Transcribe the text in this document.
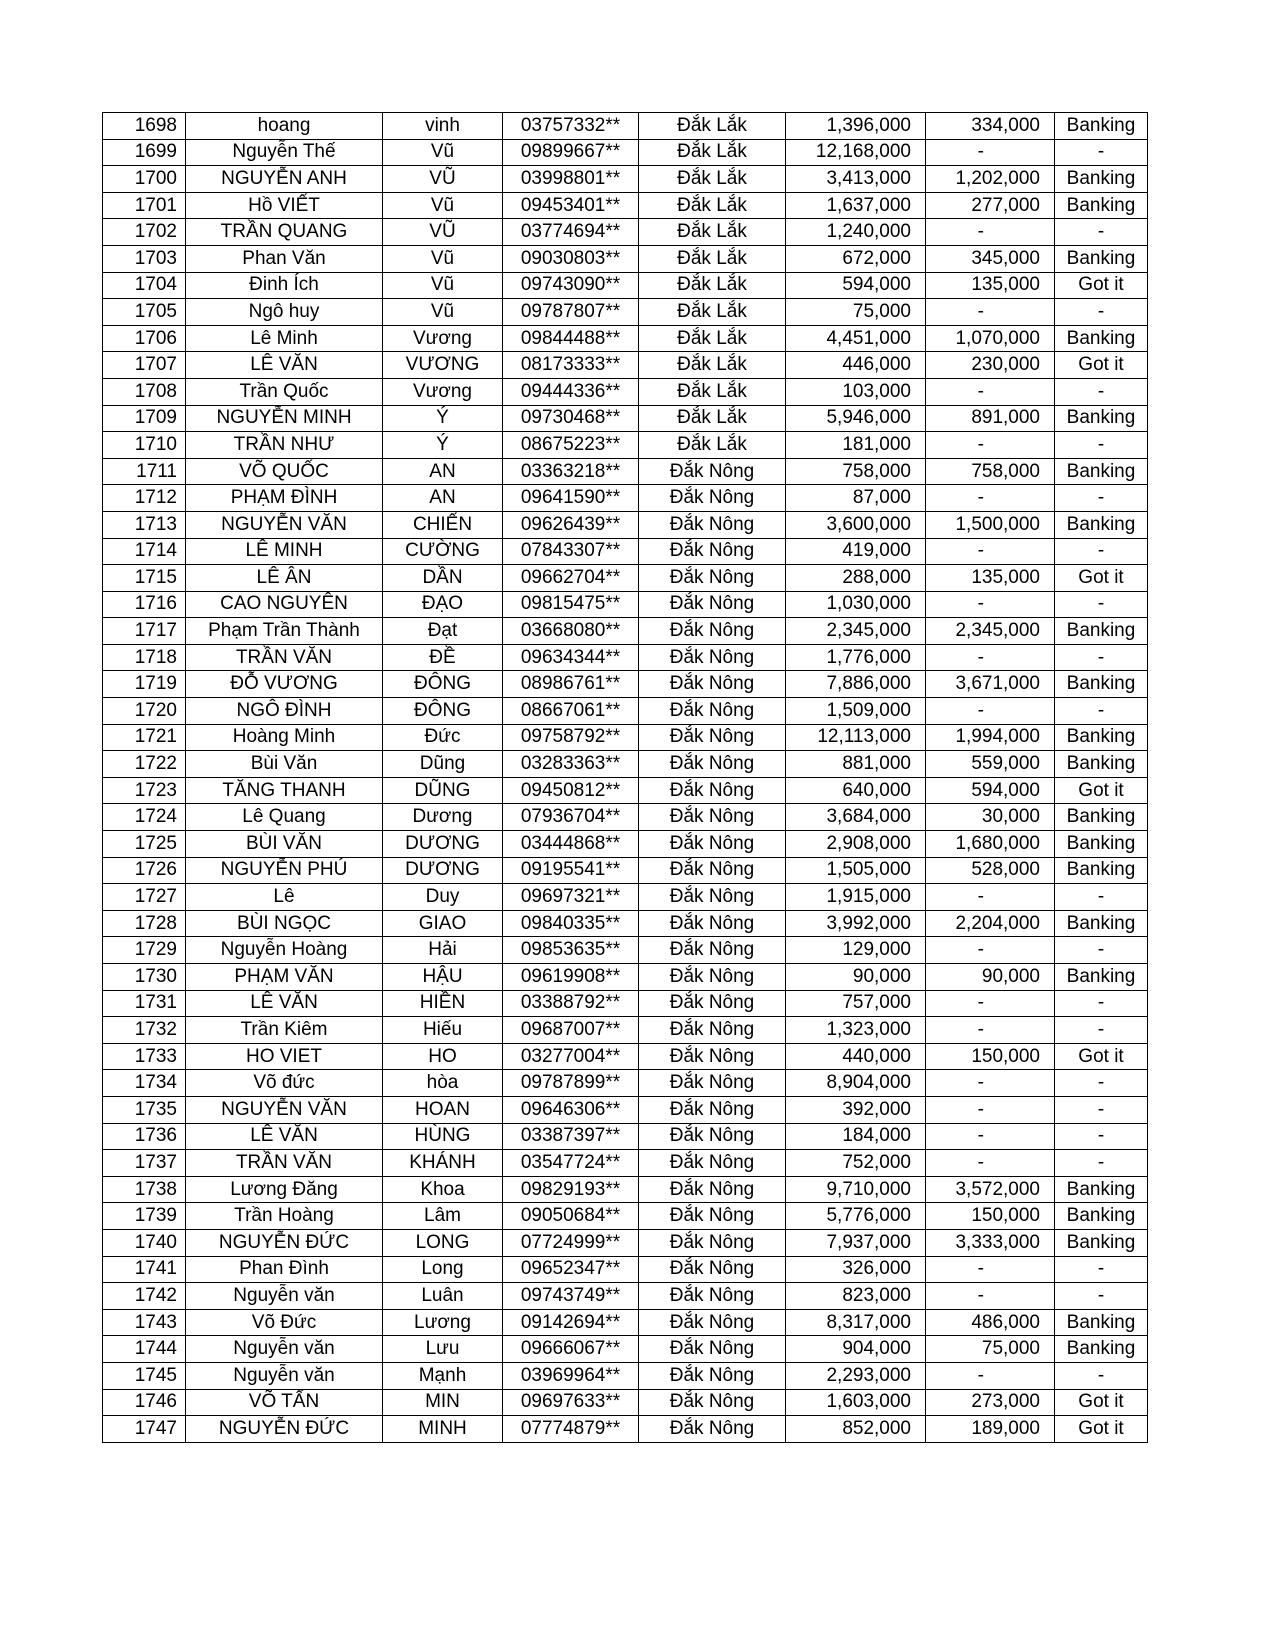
1698	hoang	vinh	03757332**	Đắk Lắk	1,396,000	334,000	Banking
1699	Nguyễn Thế	Vũ	09899667**	Đắk Lắk	12,168,000	-	-
1700	NGUYỄN ANH	VŨ	03998801**	Đắk Lắk	3,413,000	1,202,000	Banking
1701	Hồ VIẾT	Vũ	09453401**	Đắk Lắk	1,637,000	277,000	Banking
1702	TRẦN QUANG	VŨ	03774694**	Đắk Lắk	1,240,000	-	-
1703	Phan Văn	Vũ	09030803**	Đắk Lắk	672,000	345,000	Banking
1704	Đinh Ích	Vũ	09743090**	Đắk Lắk	594,000	135,000	Got it
1705	Ngô huy	Vũ	09787807**	Đắk Lắk	75,000	-	-
1706	Lê Minh	Vương	09844488**	Đắk Lắk	4,451,000	1,070,000	Banking
1707	LÊ VĂN	VƯƠNG	08173333**	Đắk Lắk	446,000	230,000	Got it
1708	Trần Quốc	Vương	09444336**	Đắk Lắk	103,000	-	-
1709	NGUYỄN MINH	Ý	09730468**	Đắk Lắk	5,946,000	891,000	Banking
1710	TRẦN NHƯ	Ý	08675223**	Đắk Lắk	181,000	-	-
1711	VÕ QUỐC	AN	03363218**	Đắk Nông	758,000	758,000	Banking
1712	PHẠM ĐÌNH	AN	09641590**	Đắk Nông	87,000	-	-
1713	NGUYỄN VĂN	CHIẾN	09626439**	Đắk Nông	3,600,000	1,500,000	Banking
1714	LÊ MINH	CƯỜNG	07843307**	Đắk Nông	419,000	-	-
1715	LÊ ÂN	DẦN	09662704**	Đắk Nông	288,000	135,000	Got it
1716	CAO NGUYÊN	ĐẠO	09815475**	Đắk Nông	1,030,000	-	-
1717	Phạm Trần Thành	Đạt	03668080**	Đắk Nông	2,345,000	2,345,000	Banking
1718	TRẦN VĂN	ĐỀ	09634344**	Đắk Nông	1,776,000	-	-
1719	ĐỖ VƯƠNG	ĐÔNG	08986761**	Đắk Nông	7,886,000	3,671,000	Banking
1720	NGÔ ĐÌNH	ĐÔNG	08667061**	Đắk Nông	1,509,000	-	-
1721	Hoàng Minh	Đức	09758792**	Đắk Nông	12,113,000	1,994,000	Banking
1722	Bùi Văn	Dũng	03283363**	Đắk Nông	881,000	559,000	Banking
1723	TĂNG THANH	DŨNG	09450812**	Đắk Nông	640,000	594,000	Got it
1724	Lê Quang	Dương	07936704**	Đắk Nông	3,684,000	30,000	Banking
1725	BÙI VĂN	DƯƠNG	03444868**	Đắk Nông	2,908,000	1,680,000	Banking
1726	NGUYỄN PHÚ	DƯƠNG	09195541**	Đắk Nông	1,505,000	528,000	Banking
1727	Lê	Duy	09697321**	Đắk Nông	1,915,000	-	-
1728	BÙI NGỌC	GIAO	09840335**	Đắk Nông	3,992,000	2,204,000	Banking
1729	Nguyễn Hoàng	Hải	09853635**	Đắk Nông	129,000	-	-
1730	PHẠM VĂN	HẬU	09619908**	Đắk Nông	90,000	90,000	Banking
1731	LÊ VĂN	HIỀN	03388792**	Đắk Nông	757,000	-	-
1732	Trần Kiêm	Hiếu	09687007**	Đắk Nông	1,323,000	-	-
1733	HO VIET	HO	03277004**	Đắk Nông	440,000	150,000	Got it
1734	Võ đức	hòa	09787899**	Đắk Nông	8,904,000	-	-
1735	NGUYỄN VĂN	HOAN	09646306**	Đắk Nông	392,000	-	-
1736	LÊ VĂN	HÙNG	03387397**	Đắk Nông	184,000	-	-
1737	TRẦN VĂN	KHÁNH	03547724**	Đắk Nông	752,000	-	-
1738	Lương Đăng	Khoa	09829193**	Đắk Nông	9,710,000	3,572,000	Banking
1739	Trần Hoàng	Lâm	09050684**	Đắk Nông	5,776,000	150,000	Banking
1740	NGUYỄN ĐỨC	LONG	07724999**	Đắk Nông	7,937,000	3,333,000	Banking
1741	Phan Đình	Long	09652347**	Đắk Nông	326,000	-	-
1742	Nguyễn văn	Luân	09743749**	Đắk Nông	823,000	-	-
1743	Võ Đức	Lương	09142694**	Đắk Nông	8,317,000	486,000	Banking
1744	Nguyễn văn	Lưu	09666067**	Đắk Nông	904,000	75,000	Banking
1745	Nguyễn văn	Mạnh	03969964**	Đắk Nông	2,293,000	-	-
1746	VÕ TẤN	MIN	09697633**	Đắk Nông	1,603,000	273,000	Got it
1747	NGUYỄN ĐỨC	MINH	07774879**	Đắk Nông	852,000	189,000	Got it
